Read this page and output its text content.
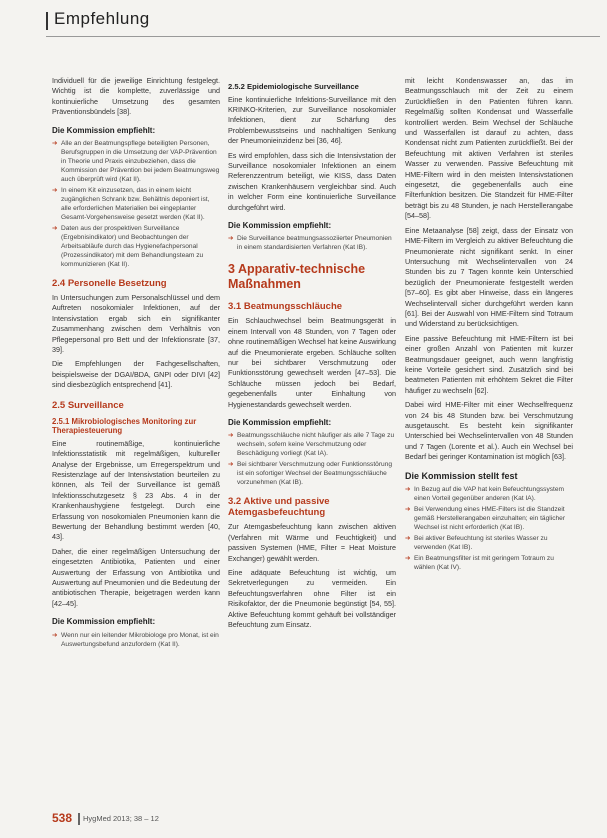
Empfehlung

Individuell für die jeweilige Einrichtung festgelegt. Wichtig ist die komplette, zuverlässige und kontinuierliche Umsetzung des gesamten Präventionsbündels [38].

Die Kommission empfiehlt:
➔ Alle an der Beatmungspflege beteiligten Personen, Berufsgruppen in die Umsetzung der VAP-Prävention in Theorie und Praxis einzubeziehen, dass die Kommission der Prävention bei jedem Beatmungsweg auch überprüft wird (Kat II).
➔ In einem Kit einzusetzen, das in einem leicht zugänglichen Schrank bzw. Behältnis deponiert ist, alle erforderlichen Materialien bei eingeplanter Gesamt-Vorgehensweise gesetzt werden (Kat II).
➔ Daten aus der prospektiven Surveillance (Ergebnisindikator) und Beobachtungen der Arbeitsabläufe durch das Hygienefachpersonal (Prozessindikator) mit dem Behandlungsteam zu kommunizieren (Kat II).
2.4 Personelle Besetzung

In Untersuchungen zum Personalschlüssel und dem Auftreten nosokomialer Infektionen, auf der Intensivstation ergab sich ein signifikanter Zusammenhang zwischen dem Verhältnis von Pflegepersonal pro Bett und der Infektionsrate [37, 39].

Die Empfehlungen der Fachgesellschaften, beispielsweise der DGAI/BDA, GNPI oder DIVI [42] sind diesbezüglich entsprechend [41].

2.5 Surveillance
2.5.1 Mikrobiologisches Monitoring zur Therapiesteuerung

Eine routinemäßige, kontinuierliche Infektionsstatistik mit regelmäßigen, kultureller Analyse der Ergebnisse, um Erregerspektrum und Resistenzlage auf der Intensivstation beurteilen zu können, als Teil der Surveillance ist gemäß Infektionsschutzgesetz § 23 Abs. 4 in der Krankenhaushygiene festgelegt. Durch eine Erfassung von nosokomialen Pneumonien kann die Bewertung der Behandlung bestimmt werden [40, 43].

Daher, die einer regelmäßigen Untersuchung der eingesetzten Antibiotika, Patienten und einer Auswertung der Erfassung von Antibiotika und Auswertung auf Pneumonien und die Bedeutung der antibiotischen Therapie, beigetragen werden kann [42–45].

Die Kommission empfiehlt:
➔ Wenn nur ein leitender Mikrobiologe pro Monat, ist ein Auswertungsbefund anzufordern (Kat II).
2.5.2 Epidemiologische Surveillance

Eine kontinuierliche Infektions-Surveillance mit den KRINKO-Kriterien, zur Surveillance nosokomialer Infektionen, dient zur Schärfung des Problembewusstseins und nachhaltigen Senkung der Pneumonieinzidenz bei [36, 46].

Es wird empfohlen, dass sich die Intensivstation der Surveillance nosokomialer Infektionen an einem Referenzzentrum beteiligt, wie KISS, dass Daten zwischen Krankenhäusern vergleichbar sind. Auch in welcher Form eine kontinuierliche Surveillance durchgeführt wird.

Die Kommission empfiehlt:
➔ Die Surveillance beatmungsassoziierter Pneumonien in einem standardisierten Verfahren (Kat IB).
3 Apparativ-technische Maßnahmen
3.1 Beatmungsschläuche

Ein Schlauchwechsel beim Beatmungsgerät in einem Intervall von 48 Stunden, von 7 Tagen oder ohne routinemäßigen Wechsel hat keine Auswirkung auf die Pneumonierate ergeben. Schläuche sollten nur bei sichtbarer Verschmutzung oder Funktionsstörung gewechselt werden [47–53]. Die Schläuche müssen jedoch bei Bedarf, gegebenenfalls unter Einhaltung von Hygienestandards gewechselt werden.

Die Kommission empfiehlt:
➔ Beatmungsschläuche nicht häufiger als alle 7 Tage zu wechseln, sofern keine Verschmutzung oder Beschädigung vorliegt (Kat IA).
➔ Bei sichtbarer Verschmutzung oder Funktionsstörung ist ein sofortiger Wechsel der Beatmungsschläuche vorzunehmen (Kat IB).
3.2 Aktive und passive Atemgasbefeuchtung

Zur Atemgasbefeuchtung kann zwischen aktiven (Verfahren mit Wärme und Feuchtigkeit) und passiven Systemen (HME, Filter = Heat Moisture Exchanger) gewählt werden.

Eine adäquate Befeuchtung ist wichtig, um Sekretverlegungen zu vermeiden. Ein Befeuchtungsverfahren ohne Filter ist ein Risikofaktor, der die Pneumonie begünstigt [54, 55]. Aktive Befeuchtung kommt gehäuft bei vollständiger Befeuchtung zum Einsatz.

mit leicht Kondenswasser an, das im Beatmungsschlauch mit der Zeit zu einem Zurückfließen in den Patienten führen kann. Regelmäßig sollten Kondensat und Wasserfalle kontrolliert werden. Beim Wechsel der Schläuche und Wasserfallen ist darauf zu achten, dass Kondensat nicht zum Patienten zurückfließt. Bei der Befeuchtung mit aktiven Verfahren ist steriles Wasser zu verwenden. Passive Befeuchtung mit HME-Filtern wird in den meisten Intensivstationen eingesetzt, die gegebenenfalls auch eine Filterfunktion besitzen. Die Standzeit für HME-Filter beträgt bis zu 48 Stunden, je nach Herstellerangabe [54–58].

Eine Metaanalyse [58] zeigt, dass der Einsatz von HME-Filtern im Vergleich zu aktiver Befeuchtung die Pneumonierate nicht signifikant senkt. In einer Untersuchung mit Wechselintervallen von 24 Stunden bis zu 7 Tagen konnte kein Unterschied bezüglich der Pneumonierate festgestellt werden [57–60]. Es gibt aber Hinweise, dass ein längeres Wechselintervall sicher durchgeführt werden kann [61]. Bei der Auswahl von HME-Filtern sind Totraum und Widerstand zu berücksichtigen.

Eine passive Befeuchtung mit HME-Filtern ist bei einer großen Anzahl von Patienten mit kurzer Beatmungsdauer geeignet, auch wenn langfristig keine Vorteile gesichert sind. Zusätzlich sind bei beatmeten Patienten mit erhöhtem Sekret die Filter häufiger zu wechseln [62].

Dabei wird HME-Filter mit einer Wechselfrequenz von 24 bis 48 Stunden bzw. bei Verschmutzung ausgetauscht. Es besteht kein signifikanter Unterschied bei Wechselintervallen von 48 Stunden und 7 Tagen (Lorente et al.). Auch ein Wechsel bei Bedarf bei geringer Kontamination ist möglich [63].

Die Kommission stellt fest
➔ In Bezug auf die VAP hat kein Befeuchtungssystem einen Vorteil gegenüber anderen (Kat IA).
➔ Bei Verwendung eines HME-Filters ist die Standzeit gemäß Herstellerangaben einzuhalten; ein täglicher Wechsel ist nicht erforderlich (Kat IB).
➔ Bei aktiver Befeuchtung ist steriles Wasser zu verwenden (Kat IB).
➔ Ein Beatmungsfilter ist mit geringem Totraum zu wählen (Kat IV).
538 HygMed 2013; 38 – 12
